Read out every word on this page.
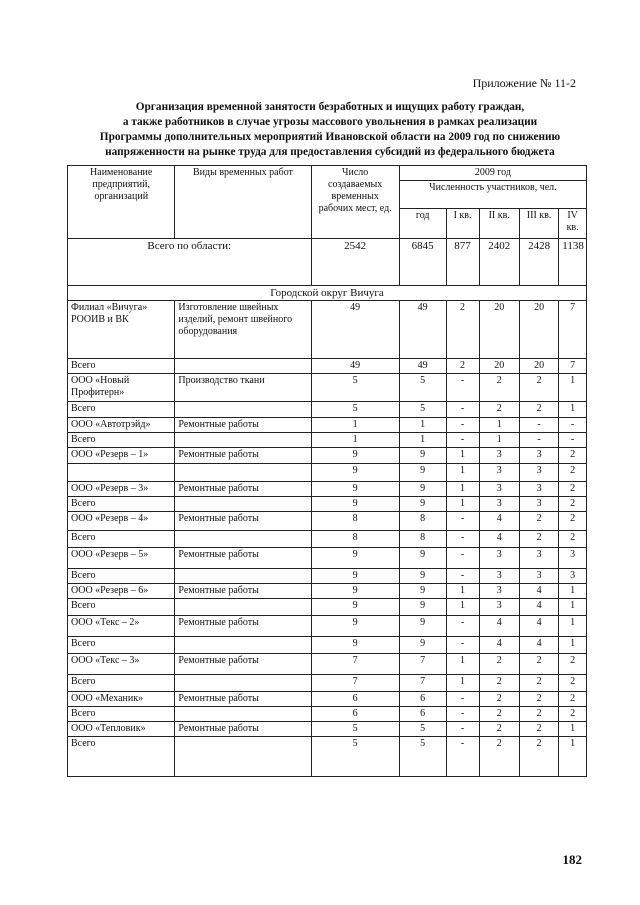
Приложение № 11-2
Организация временной занятости безработных и ищущих работу граждан,
а также работников в случае угрозы массового увольнения в рамках реализации
Программы дополнительных мероприятий Ивановской области на 2009 год по снижению
напряженности на рынке труда для предоставления субсидий из федерального бюджета
Наименование предприятий, организаций	Виды временных работ	Число создаваемых временных рабочих мест, ед.	2009 год				
			Численность участников, чел.				
			год	I кв.	II кв.	III кв.	IV кв.
Всего по области:		2542	6845	877	2402	2428	1138
Городской округ Вичуга							
Филиал «Вичуга» РООИВ и ВК	Изготовление швейных изделий, ремонт швейного оборудования	49	49	2	20	20	7
Всего		49	49	2	20	20	7
ООО «Новый Профитерн»	Производство ткани	5	5	-	2	2	1
Всего		5	5	-	2	2	1
ООО «Автотрэйд»	Ремонтные работы	1	1	-	1	-	-
Всего		1	1	-	1	-	-
ООО «Резерв – 1»	Ремонтные работы	9	9	1	3	3	2
		9	9	1	3	3	2
ООО «Резерв – 3»	Ремонтные работы	9	9	1	3	3	2
Всего		9	9	1	3	3	2
ООО «Резерв – 4»	Ремонтные работы	8	8	-	4	2	2
Всего		8	8	-	4	2	2
ООО «Резерв – 5»	Ремонтные работы	9	9	-	3	3	3
Всего		9	9	-	3	3	3
ООО «Резерв – 6»	Ремонтные работы	9	9	1	3	4	1
Всего		9	9	1	3	4	1
ООО «Текс – 2»	Ремонтные работы	9	9	-	4	4	1
Всего		9	9	-	4	4	1
ООО «Текс – 3»	Ремонтные работы	7	7	1	2	2	2
Всего		7	7	1	2	2	2
ООО «Механик»	Ремонтные работы	6	6	-	2	2	2
Всего		6	6	-	2	2	2
ООО «Тепловик»	Ремонтные работы	5	5	-	2	2	1
Всего		5	5	-	2	2	1
182
